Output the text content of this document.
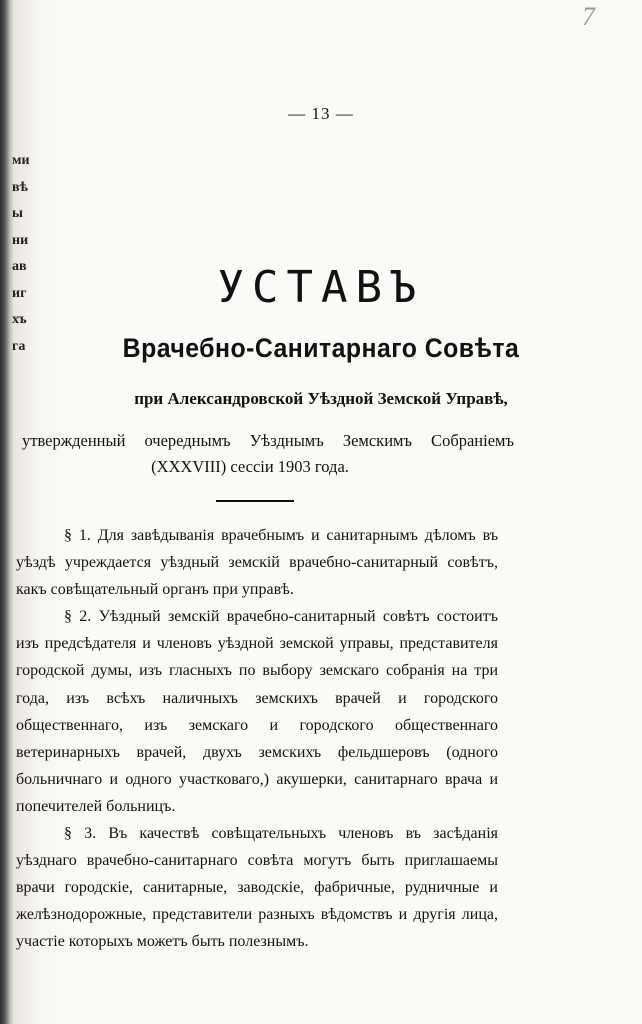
ми
вѣ
ы
ни
ав
иг
хъ
га
7
— 13 —
УСТАВЪ
Врачебно-Санитарнаго Совѣта
при Александровской Уѣздной Земской Управѣ,
утвержденный очереднымъ Уѣзднымъ Земскимъ Собраніемъ
(XXXVIII) сессіи 1903 года.

§ 1. Для завѣдыванія врачебнымъ и санитарнымъ дѣломъ въ уѣздѣ учреждается уѣздный земскій врачебно-санитарный совѣтъ, какъ совѣщательный органъ при управѣ.

§ 2. Уѣздный земскій врачебно-санитарный совѣтъ состоитъ изъ предсѣдателя и членовъ уѣздной земской управы, представителя городской думы, изъ гласныхъ по выбору земскаго собранія на три года, изъ всѣхъ наличныхъ земскихъ врачей и городского общественнаго, изъ земскаго и городского общественнаго ветеринарныхъ врачей, двухъ земскихъ фельдшеровъ (одного больничнаго и одного участковаго,) акушерки, санитарнаго врача и попечителей больницъ.

§ 3. Въ качествѣ совѣщательныхъ членовъ въ засѣданія уѣзднаго врачебно-санитарнаго совѣта могутъ быть приглашаемы врачи городскіе, санитарные, заводскіе, фабричные, рудничные и желѣзнодорожные, представители разныхъ вѣдомствъ и другія лица, участіе которыхъ можетъ быть полезнымъ.
